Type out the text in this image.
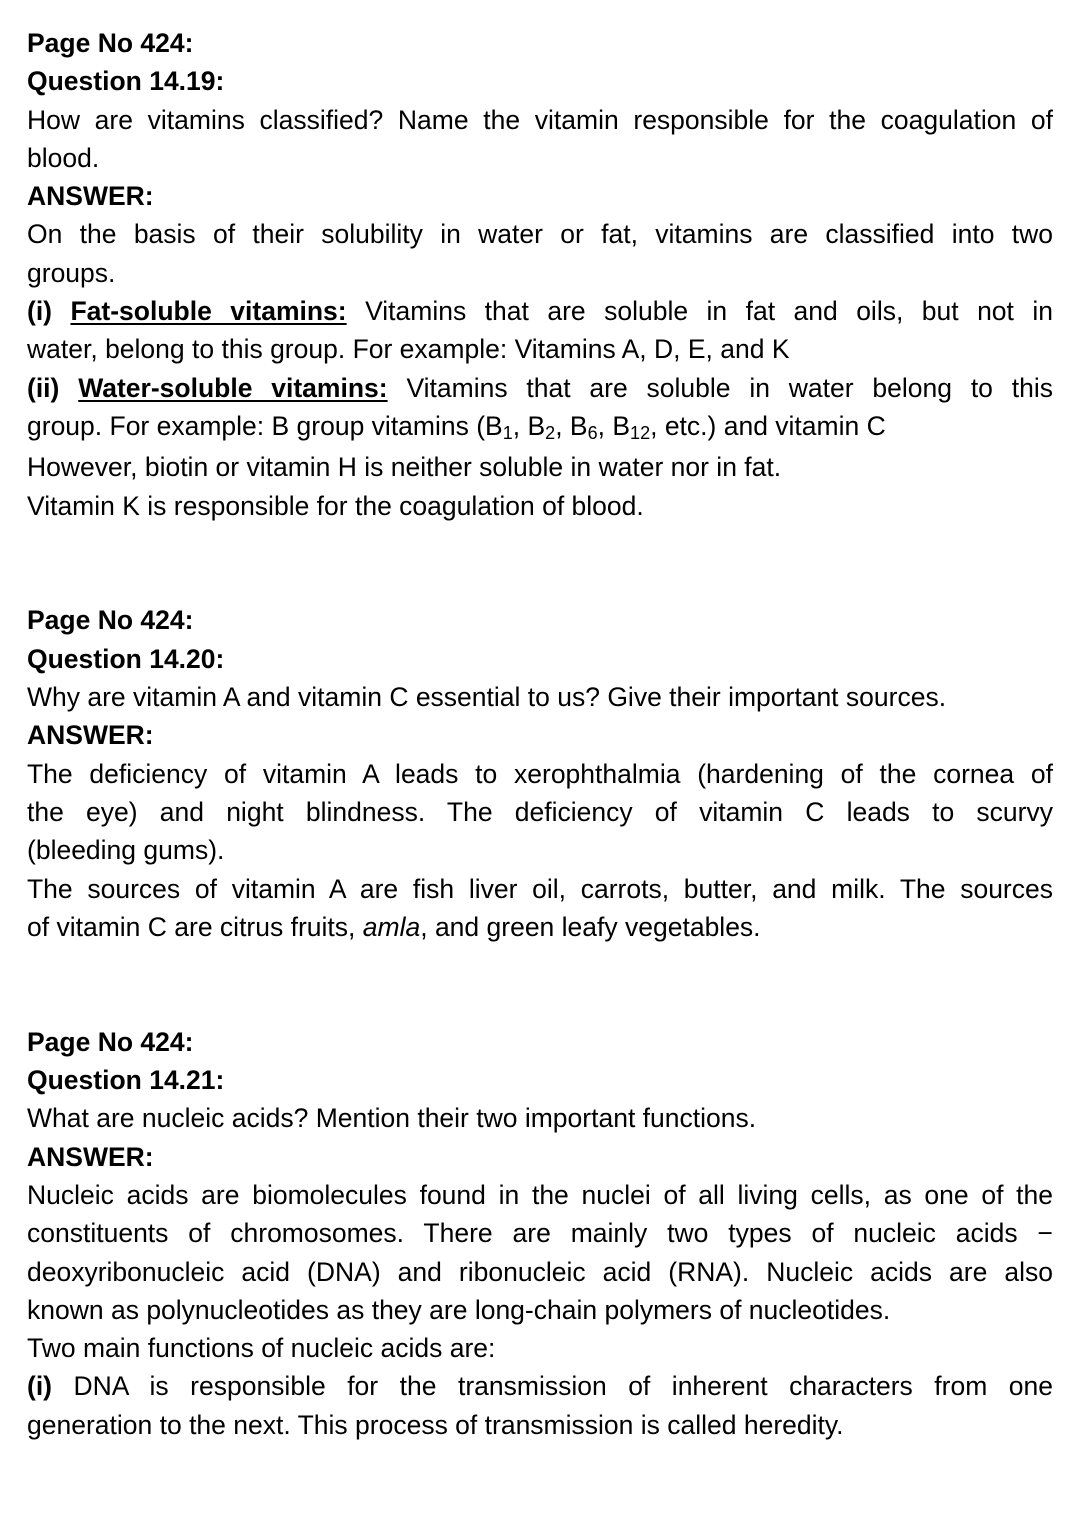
Page No 424:
Question 14.19:
How are vitamins classified? Name the vitamin responsible for the coagulation of
blood.
ANSWER:
On the basis of their solubility in water or fat, vitamins are classified into two
groups.
(i) Fat-soluble vitamins: Vitamins that are soluble in fat and oils, but not in
water, belong to this group. For example: Vitamins A, D, E, and K
(ii) Water-soluble vitamins: Vitamins that are soluble in water belong to this
group. For example: B group vitamins ($B_1$, $B_2$, $B_6$, $B_{12}$, etc.) and vitamin C
However, biotin or vitamin H is neither soluble in water nor in fat.
Vitamin K is responsible for the coagulation of blood.
Page No 424:
Question 14.20:
Why are vitamin A and vitamin C essential to us? Give their important sources.
ANSWER:
The deficiency of vitamin A leads to xerophthalmia (hardening of the cornea of
the eye) and night blindness. The deficiency of vitamin C leads to scurvy
(bleeding gums).
The sources of vitamin A are fish liver oil, carrots, butter, and milk. The sources
of vitamin C are citrus fruits, amla, and green leafy vegetables.
Page No 424:
Question 14.21:
What are nucleic acids? Mention their two important functions.
ANSWER:
Nucleic acids are biomolecules found in the nuclei of all living cells, as one of the
constituents of chromosomes. There are mainly two types of nucleic acids −
deoxyribonucleic acid (DNA) and ribonucleic acid (RNA). Nucleic acids are also
known as polynucleotides as they are long-chain polymers of nucleotides.
Two main functions of nucleic acids are:
(i) DNA is responsible for the transmission of inherent characters from one
generation to the next. This process of transmission is called heredity.
